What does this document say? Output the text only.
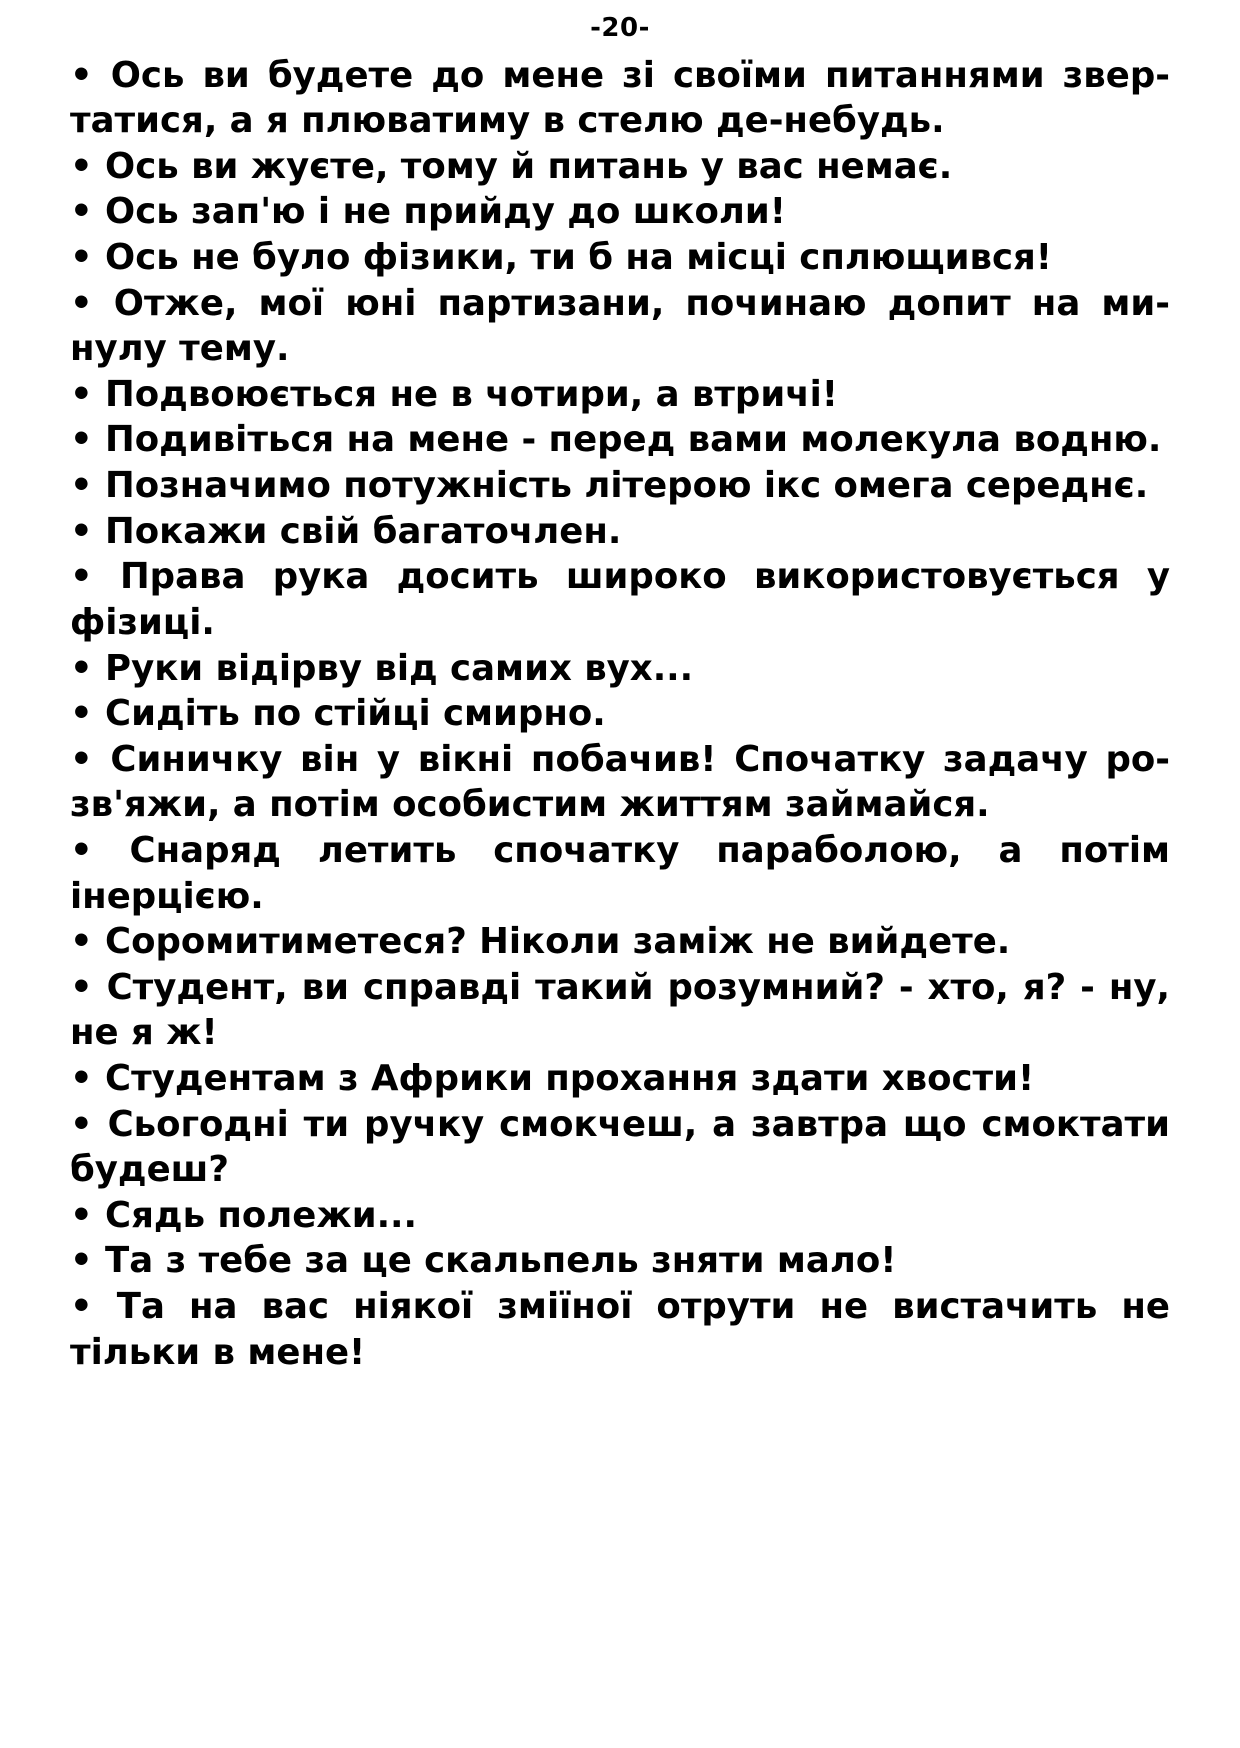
-20-

• Ось ви будете до мене зі своїми питаннями звертатися, а я плюватиму в стелю де-небудь.

• Ось ви жуєте, тому й питань у вас немає.

• Ось зап'ю і не прийду до школи!

• Ось не було фізики, ти б на місці сплющився!

• Отже, мої юні партизани, починаю допит на минулу тему.

• Подвоюється не в чотири, а втричі!

• Подивіться на мене - перед вами молекула водню.

• Позначимо потужність літерою ікс омега середнє.

• Покажи свій багаточлен.

• Права рука досить широко використовується у фізиці.

• Руки відірву від самих вух...

• Сидіть по стійці смирно.

• Синичку він у вікні побачив! Спочатку задачу розв'яжи, а потім особистим життям займайся.

• Снаряд летить спочатку параболою, а потім інерцією.

• Соромитиметеся? Ніколи заміж не вийдете.

• Студент, ви справді такий розумний? - хто, я? - ну, не я ж!

• Студентам з Африки прохання здати хвости!

• Сьогодні ти ручку смокчеш, а завтра що смоктати будеш?

• Сядь полежи...

• Та з тебе за це скальпель зняти мало!

• Та на вас ніякої зміїної отрути не вистачить не тільки в мене!
